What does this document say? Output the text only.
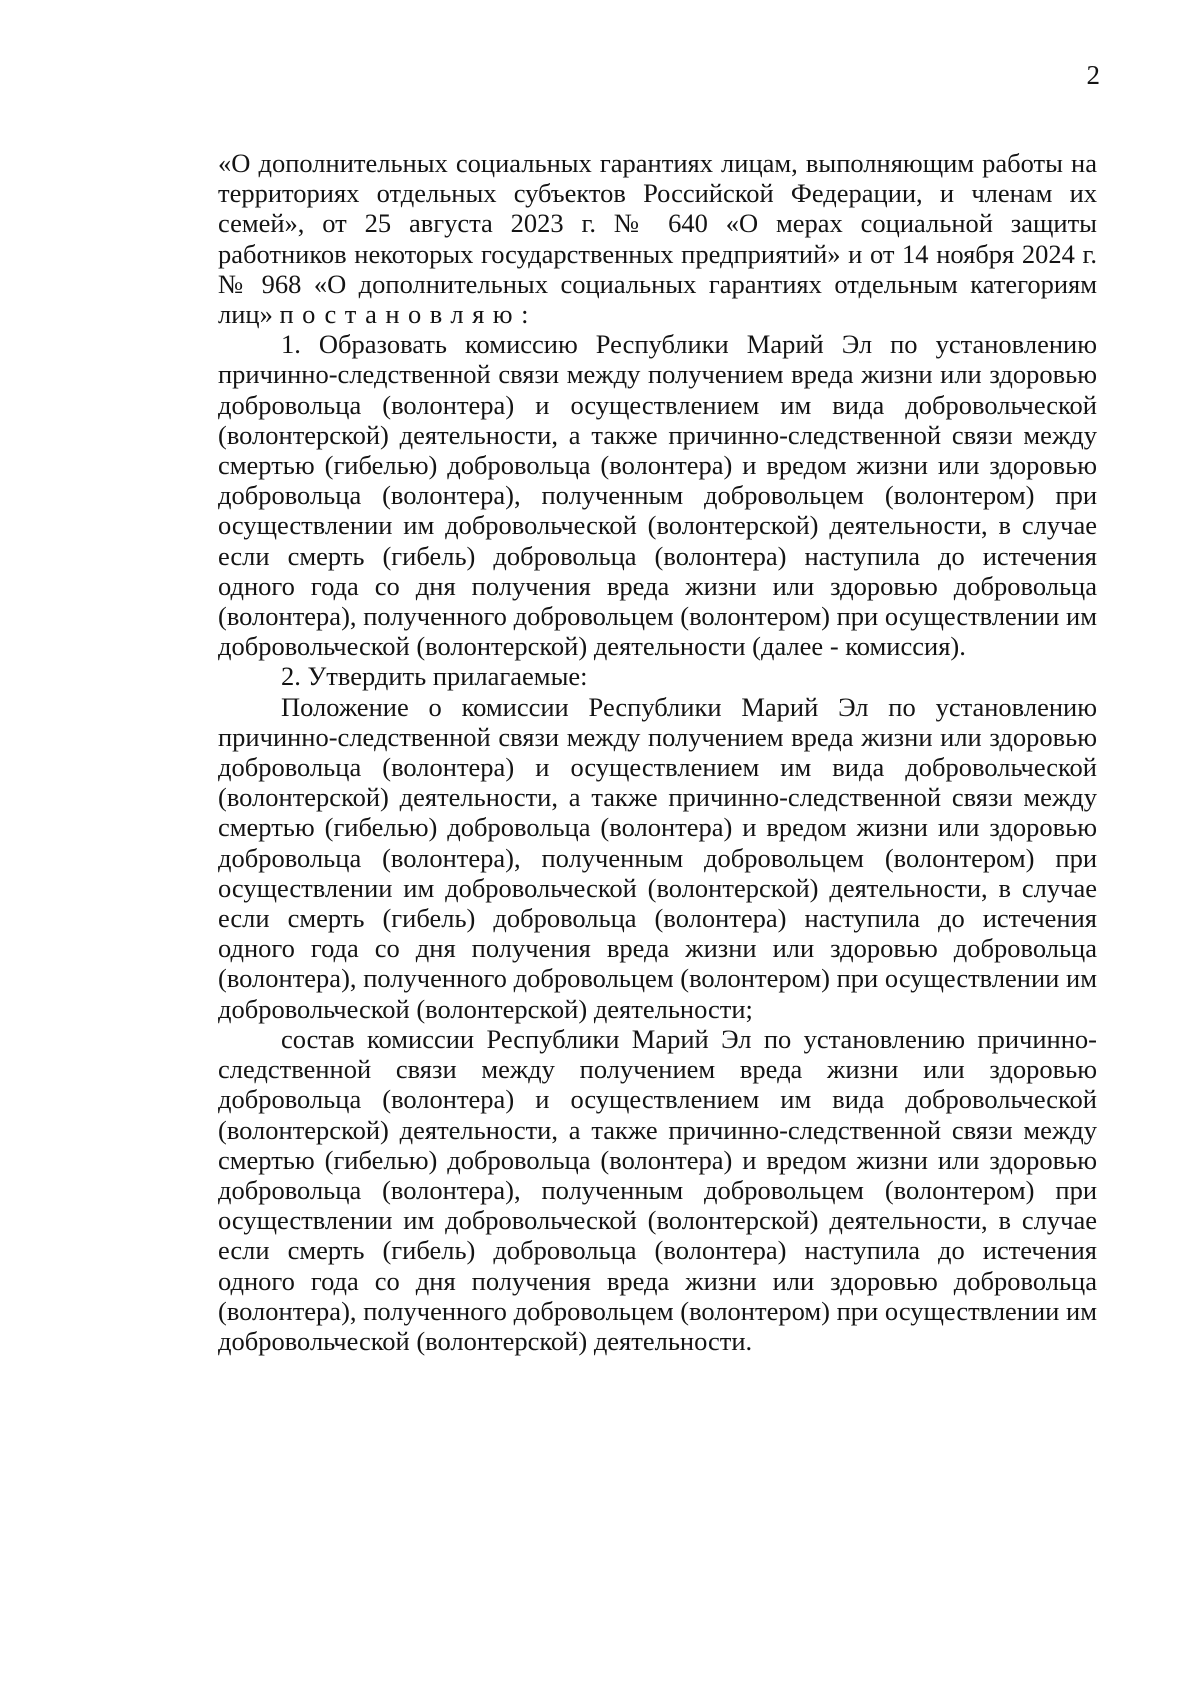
2

«О дополнительных социальных гарантиях лицам, выполняющим работы на территориях отдельных субъектов Российской Федерации, и членам их семей», от 25 августа 2023 г. № 640 «О мерах социальной защиты работников некоторых государственных предприятий» и от 14 ноября 2024 г. № 968 «О дополнительных социальных гарантиях отдельным категориям лиц» постановляю:

1. Образовать комиссию Республики Марий Эл по установлению причинно-следственной связи между получением вреда жизни или здоровью добровольца (волонтера) и осуществлением им вида добровольческой (волонтерской) деятельности, а также причинно-следственной связи между смертью (гибелью) добровольца (волонтера) и вредом жизни или здоровью добровольца (волонтера), полученным добровольцем (волонтером) при осуществлении им добровольческой (волонтерской) деятельности, в случае если смерть (гибель) добровольца (волонтера) наступила до истечения одного года со дня получения вреда жизни или здоровью добровольца (волонтера), полученного добровольцем (волонтером) при осуществлении им добровольческой (волонтерской) деятельности (далее - комиссия).

2. Утвердить прилагаемые:

Положение о комиссии Республики Марий Эл по установлению причинно-следственной связи между получением вреда жизни или здоровью добровольца (волонтера) и осуществлением им вида добровольческой (волонтерской) деятельности, а также причинно-следственной связи между смертью (гибелью) добровольца (волонтера) и вредом жизни или здоровью добровольца (волонтера), полученным добровольцем (волонтером) при осуществлении им добровольческой (волонтерской) деятельности, в случае если смерть (гибель) добровольца (волонтера) наступила до истечения одного года со дня получения вреда жизни или здоровью добровольца (волонтера), полученного добровольцем (волонтером) при осуществлении им добровольческой (волонтерской) деятельности;

состав комиссии Республики Марий Эл по установлению причинно-следственной связи между получением вреда жизни или здоровью добровольца (волонтера) и осуществлением им вида добровольческой (волонтерской) деятельности, а также причинно-следственной связи между смертью (гибелью) добровольца (волонтера) и вредом жизни или здоровью добровольца (волонтера), полученным добровольцем (волонтером) при осуществлении им добровольческой (волонтерской) деятельности, в случае если смерть (гибель) добровольца (волонтера) наступила до истечения одного года со дня получения вреда жизни или здоровью добровольца (волонтера), полученного добровольцем (волонтером) при осуществлении им добровольческой (волонтерской) деятельности.
